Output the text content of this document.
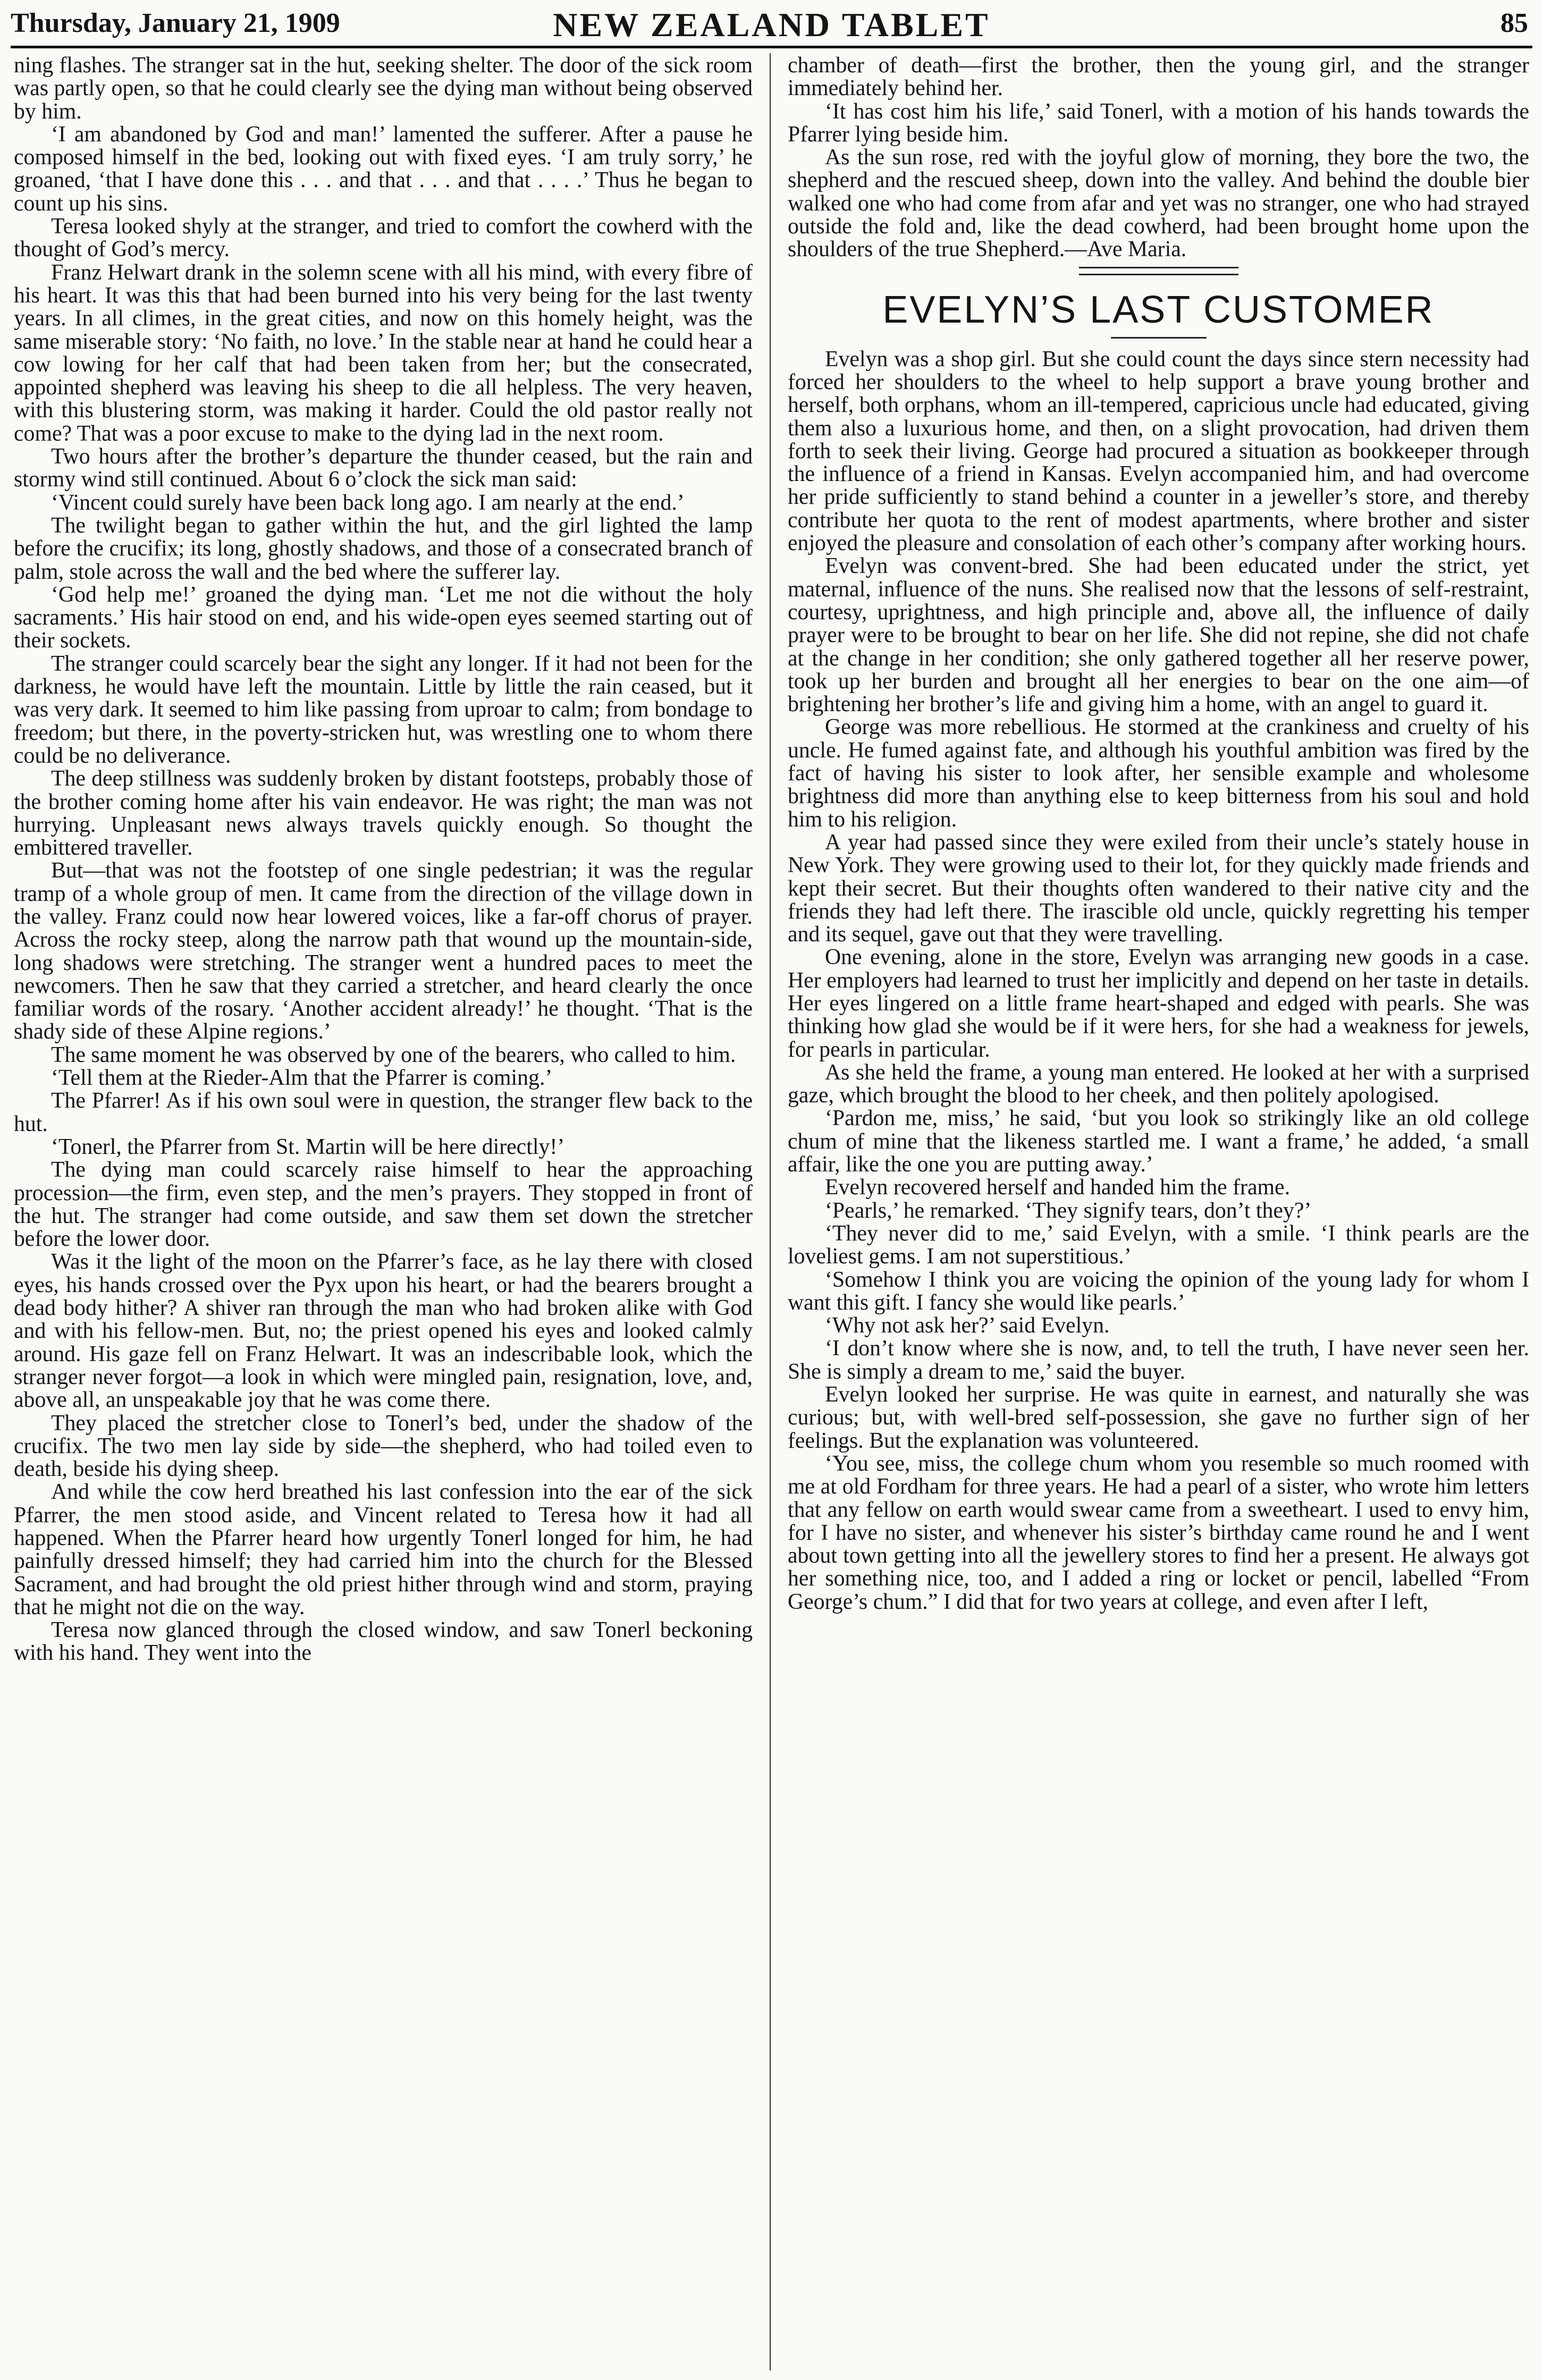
Thursday, January 21, 1909	NEW ZEALAND TABLET	85

ning flashes. The stranger sat in the hut, seeking shelter. The door of the sick room was partly open, so that he could clearly see the dying man without being observed by him.

‘I am abandoned by God and man!’ lamented the sufferer. After a pause he composed himself in the bed, looking out with fixed eyes. ‘I am truly sorry,’ he groaned, ‘that I have done this . . . and that . . . and that . . . .’ Thus he began to count up his sins.

Teresa looked shyly at the stranger, and tried to comfort the cowherd with the thought of God’s mercy.

Franz Helwart drank in the solemn scene with all his mind, with every fibre of his heart. It was this that had been burned into his very being for the last twenty years. In all climes, in the great cities, and now on this homely height, was the same miserable story: ‘No faith, no love.’ In the stable near at hand he could hear a cow lowing for her calf that had been taken from her; but the consecrated, appointed shepherd was leaving his sheep to die all helpless. The very heaven, with this blustering storm, was making it harder. Could the old pastor really not come? That was a poor excuse to make to the dying lad in the next room.

Two hours after the brother’s departure the thunder ceased, but the rain and stormy wind still continued. About 6 o’clock the sick man said:

‘Vincent could surely have been back long ago. I am nearly at the end.’

The twilight began to gather within the hut, and the girl lighted the lamp before the crucifix; its long, ghostly shadows, and those of a consecrated branch of palm, stole across the wall and the bed where the sufferer lay.

‘God help me!’ groaned the dying man. ‘Let me not die without the holy sacraments.’ His hair stood on end, and his wide-open eyes seemed starting out of their sockets.

The stranger could scarcely bear the sight any longer. If it had not been for the darkness, he would have left the mountain. Little by little the rain ceased, but it was very dark. It seemed to him like passing from uproar to calm; from bondage to freedom; but there, in the poverty-stricken hut, was wrestling one to whom there could be no deliverance.

The deep stillness was suddenly broken by distant footsteps, probably those of the brother coming home after his vain endeavor. He was right; the man was not hurrying. Unpleasant news always travels quickly enough. So thought the embittered traveller.

But—that was not the footstep of one single pedestrian; it was the regular tramp of a whole group of men. It came from the direction of the village down in the valley. Franz could now hear lowered voices, like a far-off chorus of prayer. Across the rocky steep, along the narrow path that wound up the mountain-side, long shadows were stretching. The stranger went a hundred paces to meet the newcomers. Then he saw that they carried a stretcher, and heard clearly the once familiar words of the rosary. ‘Another accident already!’ he thought. ‘That is the shady side of these Alpine regions.’

The same moment he was observed by one of the bearers, who called to him.

‘Tell them at the Rieder-Alm that the Pfarrer is coming.’

The Pfarrer! As if his own soul were in question, the stranger flew back to the hut.

‘Tonerl, the Pfarrer from St. Martin will be here directly!’

The dying man could scarcely raise himself to hear the approaching procession—the firm, even step, and the men’s prayers. They stopped in front of the hut. The stranger had come outside, and saw them set down the stretcher before the lower door.

Was it the light of the moon on the Pfarrer’s face, as he lay there with closed eyes, his hands crossed over the Pyx upon his heart, or had the bearers brought a dead body hither? A shiver ran through the man who had broken alike with God and with his fellow-men. But, no; the priest opened his eyes and looked calmly around. His gaze fell on Franz Helwart. It was an indescribable look, which the stranger never forgot—a look in which were mingled pain, resignation, love, and, above all, an unspeakable joy that he was come there.

They placed the stretcher close to Tonerl’s bed, under the shadow of the crucifix. The two men lay side by side—the shepherd, who had toiled even to death, beside his dying sheep.

And while the cow herd breathed his last confession into the ear of the sick Pfarrer, the men stood aside, and Vincent related to Teresa how it had all happened. When the Pfarrer heard how urgently Tonerl longed for him, he had painfully dressed himself; they had carried him into the church for the Blessed Sacrament, and had brought the old priest hither through wind and storm, praying that he might not die on the way.

Teresa now glanced through the closed window, and saw Tonerl beckoning with his hand. They went into the

chamber of death—first the brother, then the young girl, and the stranger immediately behind her.

‘It has cost him his life,’ said Tonerl, with a motion of his hands towards the Pfarrer lying beside him.

As the sun rose, red with the joyful glow of morning, they bore the two, the shepherd and the rescued sheep, down into the valley. And behind the double bier walked one who had come from afar and yet was no stranger, one who had strayed outside the fold and, like the dead cowherd, had been brought home upon the shoulders of the true Shepherd.—Ave Maria.

EVELYN’S LAST CUSTOMER

Evelyn was a shop girl. But she could count the days since stern necessity had forced her shoulders to the wheel to help support a brave young brother and herself, both orphans, whom an ill-tempered, capricious uncle had educated, giving them also a luxurious home, and then, on a slight provocation, had driven them forth to seek their living. George had procured a situation as bookkeeper through the influence of a friend in Kansas. Evelyn accompanied him, and had overcome her pride sufficiently to stand behind a counter in a jeweller’s store, and thereby contribute her quota to the rent of modest apartments, where brother and sister enjoyed the pleasure and consolation of each other’s company after working hours.

Evelyn was convent-bred. She had been educated under the strict, yet maternal, influence of the nuns. She realised now that the lessons of self-restraint, courtesy, uprightness, and high principle and, above all, the influence of daily prayer were to be brought to bear on her life. She did not repine, she did not chafe at the change in her condition; she only gathered together all her reserve power, took up her burden and brought all her energies to bear on the one aim—of brightening her brother’s life and giving him a home, with an angel to guard it.

George was more rebellious. He stormed at the crankiness and cruelty of his uncle. He fumed against fate, and although his youthful ambition was fired by the fact of having his sister to look after, her sensible example and wholesome brightness did more than anything else to keep bitterness from his soul and hold him to his religion.

A year had passed since they were exiled from their uncle’s stately house in New York. They were growing used to their lot, for they quickly made friends and kept their secret. But their thoughts often wandered to their native city and the friends they had left there. The irascible old uncle, quickly regretting his temper and its sequel, gave out that they were travelling.

One evening, alone in the store, Evelyn was arranging new goods in a case. Her employers had learned to trust her implicitly and depend on her taste in details. Her eyes lingered on a little frame heart-shaped and edged with pearls. She was thinking how glad she would be if it were hers, for she had a weakness for jewels, for pearls in particular.

As she held the frame, a young man entered. He looked at her with a surprised gaze, which brought the blood to her cheek, and then politely apologised.

‘Pardon me, miss,’ he said, ‘but you look so strikingly like an old college chum of mine that the likeness startled me. I want a frame,’ he added, ‘a small affair, like the one you are putting away.’

Evelyn recovered herself and handed him the frame.

‘Pearls,’ he remarked. ‘They signify tears, don’t they?’

‘They never did to me,’ said Evelyn, with a smile. ‘I think pearls are the loveliest gems. I am not superstitious.’

‘Somehow I think you are voicing the opinion of the young lady for whom I want this gift. I fancy she would like pearls.’

‘Why not ask her?’ said Evelyn.

‘I don’t know where she is now, and, to tell the truth, I have never seen her. She is simply a dream to me,’ said the buyer.

Evelyn looked her surprise. He was quite in earnest, and naturally she was curious; but, with well-bred self-possession, she gave no further sign of her feelings. But the explanation was volunteered.

‘You see, miss, the college chum whom you resemble so much roomed with me at old Fordham for three years. He had a pearl of a sister, who wrote him letters that any fellow on earth would swear came from a sweetheart. I used to envy him, for I have no sister, and whenever his sister’s birthday came round he and I went about town getting into all the jewellery stores to find her a present. He always got her something nice, too, and I added a ring or locket or pencil, labelled “From George’s chum.” I did that for two years at college, and even after I left,
